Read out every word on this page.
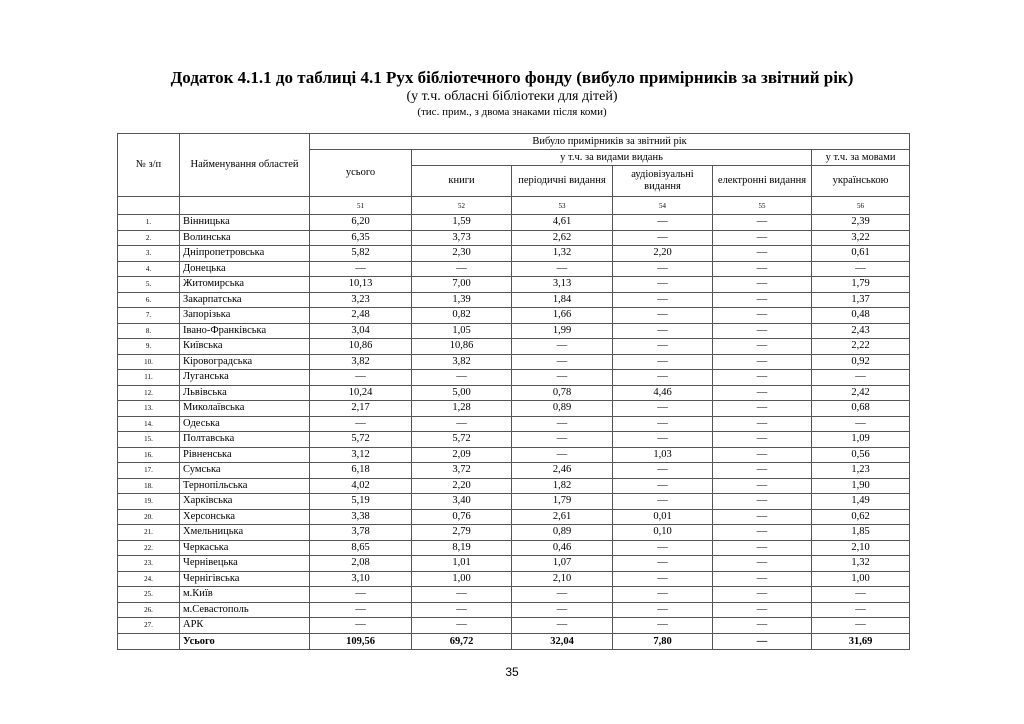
Додаток 4.1.1 до таблиці 4.1 Рух бібліотечного фонду (вибуло примірників за звітний рік)
(у т.ч. обласні бібліотеки для дітей)
(тис. прим., з двома знаками після коми)
№ з/п	Найменування областей	Вибуло примірників за звітний рік					
		усього	у т.ч. за видами видань				у т.ч. за мовами
			книги	періодичні видання	аудіовізуальні видання	електронні видання	українською
		51	52	53	54	55	56
1.	Вінницька	6,20	1,59	4,61	—	—	2,39
2.	Волинська	6,35	3,73	2,62	—	—	3,22
3.	Дніпропетровська	5,82	2,30	1,32	2,20	—	0,61
4.	Донецька	—	—	—	—	—	—
5.	Житомирська	10,13	7,00	3,13	—	—	1,79
6.	Закарпатська	3,23	1,39	1,84	—	—	1,37
7.	Запорізька	2,48	0,82	1,66	—	—	0,48
8.	Івано-Франківська	3,04	1,05	1,99	—	—	2,43
9.	Київська	10,86	10,86	—	—	—	2,22
10.	Кіровоградська	3,82	3,82	—	—	—	0,92
11.	Луганська	—	—	—	—	—	—
12.	Львівська	10,24	5,00	0,78	4,46	—	2,42
13.	Миколаївська	2,17	1,28	0,89	—	—	0,68
14.	Одеська	—	—	—	—	—	—
15.	Полтавська	5,72	5,72	—	—	—	1,09
16.	Рівненська	3,12	2,09	—	1,03	—	0,56
17.	Сумська	6,18	3,72	2,46	—	—	1,23
18.	Тернопільська	4,02	2,20	1,82	—	—	1,90
19.	Харківська	5,19	3,40	1,79	—	—	1,49
20.	Херсонська	3,38	0,76	2,61	0,01	—	0,62
21.	Хмельницька	3,78	2,79	0,89	0,10	—	1,85
22.	Черкаська	8,65	8,19	0,46	—	—	2,10
23.	Чернівецька	2,08	1,01	1,07	—	—	1,32
24.	Чернігівська	3,10	1,00	2,10	—	—	1,00
25.	м.Київ	—	—	—	—	—	—
26.	м.Севастополь	—	—	—	—	—	—
27.	АРК	—	—	—	—	—	—
	Усього	109,56	69,72	32,04	7,80	—	31,69
35
